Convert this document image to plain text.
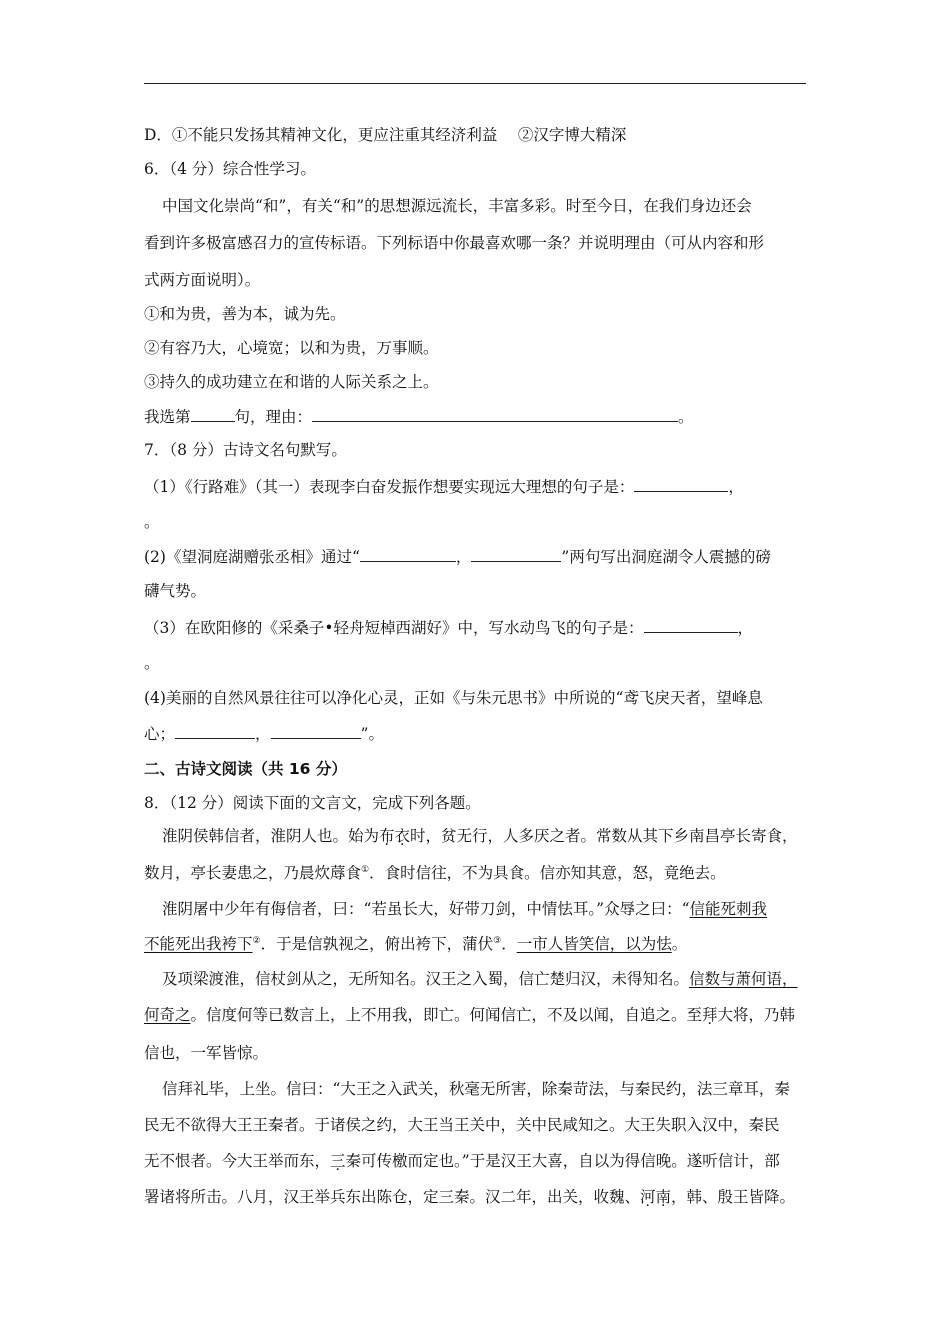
D．①不能只发扬其精神文化，更应注重其经济利益　 ②汉字博大精深
6．（4 分）综合性学习。
中国文化崇尚“和”，有关“和”的思想源远流长，丰富多彩。时至今日，在我们身边还会
看到许多极富感召力的宣传标语。下列标语中你最喜欢哪一条？并说明理由（可从内容和形
式两方面说明）。
①和为贵，善为本，诚为先。
②有容乃大，心境宽；以和为贵，万事顺。
③持久的成功建立在和谐的人际关系之上。
我选第	句，理由：	。
7．（8 分）古诗文名句默写。
（1）《行路难》（其一）表现李白奋发振作想要实现远大理想的句子是：	，
。
(2)《望洞庭湖赠张丞相》通过“	，	”两句写出洞庭湖令人震撼的磅
礴气势。
（3）在欧阳修的《采桑子•轻舟短棹西湖好》中，写水动鸟飞的句子是：	，
。
(4)美丽的自然风景往往可以净化心灵，正如《与朱元思书》中所说的“鸢飞戾天者，望峰息
心；	，	”。
二、古诗文阅读（共 16 分）
8．（12 分）阅读下面的文言文，完成下列各题。
淮阴侯韩信者，淮阴人也。始为布衣时，贫无行，人多厌之者。常数从其下乡南昌亭长寄食，
数月，亭长妻患之，乃晨炊蓐食①．食时信往，不为具食。信亦知其意，怒，竟绝去。
淮阴屠中少年有侮信者，曰：“若虽长大，好带刀剑，中情怯耳。”众辱之曰：“信能死刺我
不能死出我袴下②．于是信孰视之，俯出袴下，蒲伏③．一市人皆笑信，以为怯。
及项梁渡淮，信杖剑从之，无所知名。汉王之入蜀，信亡楚归汉，未得知名。信数与萧何语，
何奇之。信度何等已数言上，上不用我，即亡。何闻信亡，不及以闻，自追之。至拜大将，乃韩
信也，一军皆惊。
信拜礼毕，上坐。信曰：“大王之入武关，秋毫无所害，除秦苛法，与秦民约，法三章耳，秦
民无不欲得大王王秦者。于诸侯之约，大王当王关中，关中民咸知之。大王失职入汉中，秦民
无不恨者。今大王举而东，三秦可传檄而定也。”于是汉王大喜，自以为得信晚。遂听信计，部
署诸将所击。八月，汉王举兵东出陈仓，定三秦。汉二年，出关，收魏、河南，韩、殷王皆降。
